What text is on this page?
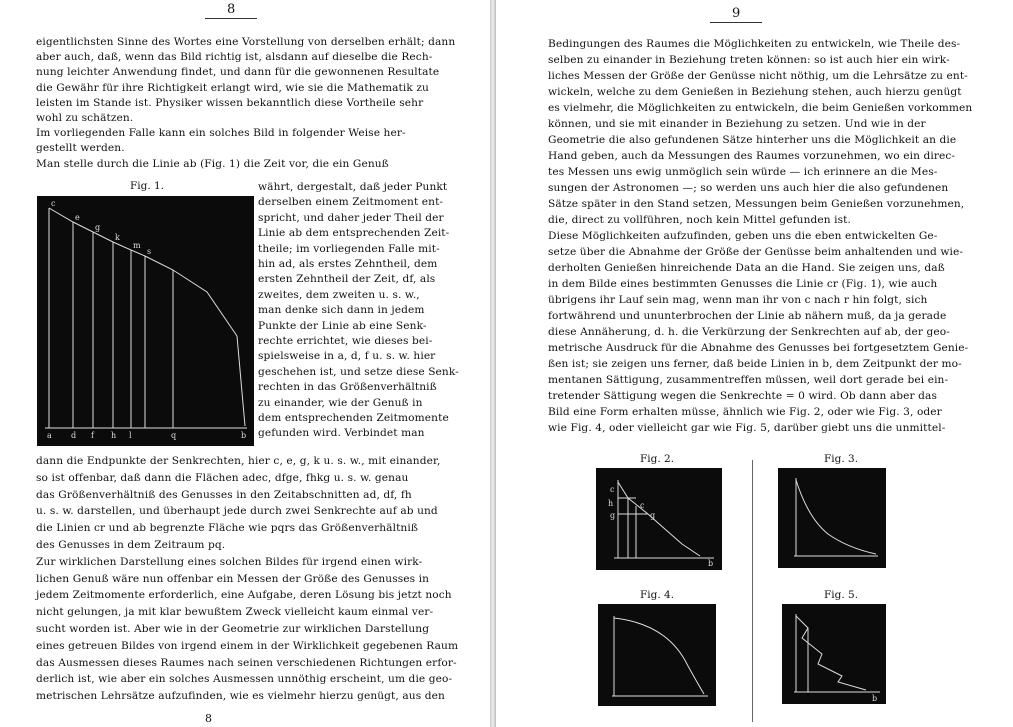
8
eigentlichsten Sinne des Wortes eine Vorstellung von derselben erhält; dann
aber auch, daß, wenn das Bild richtig ist, alsdann auf dieselbe die Rech-
nung leichter Anwendung findet, und dann für die gewonnenen Resultate
die Gewähr für ihre Richtigkeit erlangt wird, wie sie die Mathematik zu
leisten im Stande ist. Physiker wissen bekanntlich diese Vortheile sehr
wohl zu schätzen.
Im vorliegenden Falle kann ein solches Bild in folgender Weise her-
gestellt werden.
Man stelle durch die Linie ab (Fig. 1) die Zeit vor, die ein Genuß
Fig. 1.
c
e
g
k
m
s
a d f h l	q	b
währt, dergestalt, daß jeder Punkt
derselben einem Zeitmoment ent-
spricht, und daher jeder Theil der
Linie ab dem entsprechenden Zeit-
theile; im vorliegenden Falle mit-
hin ad, als erstes Zehntheil, dem
ersten Zehntheil der Zeit, df, als
zweites, dem zweiten u. s. w.,
man denke sich dann in jedem
Punkte der Linie ab eine Senk-
rechte errichtet, wie dieses bei-
spielsweise in a, d, f u. s. w. hier
geschehen ist, und setze diese Senk-
rechten in das Größenverhältniß
zu einander, wie der Genuß in
dem entsprechenden Zeitmomente
gefunden wird. Verbindet man
dann die Endpunkte der Senkrechten, hier c, e, g, k u. s. w., mit einander,
so ist offenbar, daß dann die Flächen adec, dfge, fhkg u. s. w. genau
das Größenverhältniß des Genusses in den Zeitabschnitten ad, df, fh
u. s. w. darstellen, und überhaupt jede durch zwei Senkrechte auf ab und
die Linien cr und ab begrenzte Fläche wie pqrs das Größenverhältniß
des Genusses in dem Zeitraum pq.
Zur wirklichen Darstellung eines solchen Bildes für irgend einen wirk-
lichen Genuß wäre nun offenbar ein Messen der Größe des Genusses in
jedem Zeitmomente erforderlich, eine Aufgabe, deren Lösung bis jetzt noch
nicht gelungen, ja mit klar bewußtem Zweck vielleicht kaum einmal ver-
sucht worden ist. Aber wie in der Geometrie zur wirklichen Darstellung
eines getreuen Bildes von irgend einem in der Wirklichkeit gegebenen Raum
das Ausmessen dieses Raumes nach seinen verschiedenen Richtungen erfor-
derlich ist, wie aber ein solches Ausmessen unnöthig erscheint, um die geo-
metrischen Lehrsätze aufzufinden, wie es vielmehr hierzu genügt, aus den
8
9
Bedingungen des Raumes die Möglichkeiten zu entwickeln, wie Theile des-
selben zu einander in Beziehung treten können: so ist auch hier ein wirk-
liches Messen der Größe der Genüsse nicht nöthig, um die Lehrsätze zu ent-
wickeln, welche zu dem Genießen in Beziehung stehen, auch hierzu genügt
es vielmehr, die Möglichkeiten zu entwickeln, die beim Genießen vorkommen
können, und sie mit einander in Beziehung zu setzen. Und wie in der
Geometrie die also gefundenen Sätze hinterher uns die Möglichkeit an die
Hand geben, auch da Messungen des Raumes vorzunehmen, wo ein direc-
tes Messen uns ewig unmöglich sein würde — ich erinnere an die Mes-
sungen der Astronomen —; so werden uns auch hier die also gefundenen
Sätze später in den Stand setzen, Messungen beim Genießen vorzunehmen,
die, direct zu vollführen, noch kein Mittel gefunden ist.
Diese Möglichkeiten aufzufinden, geben uns die eben entwickelten Ge-
setze über die Abnahme der Größe der Genüsse beim anhaltenden und wie-
derholten Genießen hinreichende Data an die Hand. Sie zeigen uns, daß
in dem Bilde eines bestimmten Genusses die Linie cr (Fig. 1), wie auch
übrigens ihr Lauf sein mag, wenn man ihr von c nach r hin folgt, sich
fortwährend und ununterbrochen der Linie ab nähern muß, da ja gerade
diese Annäherung, d. h. die Verkürzung der Senkrechten auf ab, der geo-
metrische Ausdruck für die Abnahme des Genusses bei fortgesetztem Genie-
ßen ist; sie zeigen uns ferner, daß beide Linien in b, dem Zeitpunkt der mo-
mentanen Sättigung, zusammentreffen müssen, weil dort gerade bei ein-
tretender Sättigung wegen die Senkrechte = 0 wird. Ob dann aber das
Bild eine Form erhalten müsse, ähnlich wie Fig. 2, oder wie Fig. 3, oder
wie Fig. 4, oder vielleicht gar wie Fig. 5, darüber giebt uns die unmittel-
Fig. 2.
c
h
g
c
g
b
Fig. 3.
Fig. 4.	Fig. 5.
b
